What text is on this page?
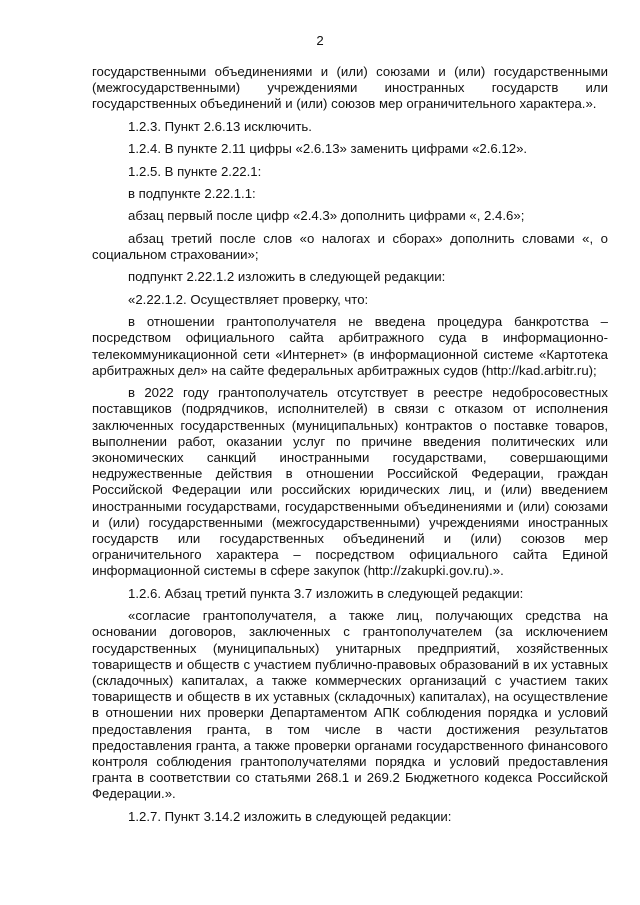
2

государственными объединениями и (или) союзами и (или) государственными (межгосударственными) учреждениями иностранных государств или государственных объединений и (или) союзов мер ограничительного характера.».

1.2.3. Пункт 2.6.13 исключить.

1.2.4. В пункте 2.11 цифры «2.6.13» заменить цифрами «2.6.12».

1.2.5. В пункте 2.22.1:

в подпункте 2.22.1.1:

абзац первый после цифр «2.4.3» дополнить цифрами «, 2.4.6»;

абзац третий после слов «о налогах и сборах» дополнить словами «, о социальном страховании»;

подпункт 2.22.1.2 изложить в следующей редакции:

«2.22.1.2. Осуществляет проверку, что:

в отношении грантополучателя не введена процедура банкротства – посредством официального сайта арбитражного суда в информационно-телекоммуникационной сети «Интернет» (в информационной системе «Картотека арбитражных дел» на сайте федеральных арбитражных судов (http://kad.arbitr.ru);

в 2022 году грантополучатель отсутствует в реестре недобросовестных поставщиков (подрядчиков, исполнителей) в связи с отказом от исполнения заключенных государственных (муниципальных) контрактов о поставке товаров, выполнении работ, оказании услуг по причине введения политических или экономических санкций иностранными государствами, совершающими недружественные действия в отношении Российской Федерации, граждан Российской Федерации или российских юридических лиц, и (или) введением иностранными государствами, государственными объединениями и (или) союзами и (или) государственными (межгосударственными) учреждениями иностранных государств или государственных объединений и (или) союзов мер ограничительного характера – посредством официального сайта Единой информационной системы в сфере закупок (http://zakupki.gov.ru).».

1.2.6. Абзац третий пункта 3.7 изложить в следующей редакции:

«согласие грантополучателя, а также лиц, получающих средства на основании договоров, заключенных с грантополучателем (за исключением государственных (муниципальных) унитарных предприятий, хозяйственных товариществ и обществ с участием публично-правовых образований в их уставных (складочных) капиталах, а также коммерческих организаций с участием таких товариществ и обществ в их уставных (складочных) капиталах), на осуществление в отношении них проверки Департаментом АПК соблюдения порядка и условий предоставления гранта, в том числе в части достижения результатов предоставления гранта, а также проверки органами государственного финансового контроля соблюдения грантополучателями порядка и условий предоставления гранта в соответствии со статьями 268.1 и 269.2 Бюджетного кодекса Российской Федерации.».

1.2.7. Пункт 3.14.2 изложить в следующей редакции:
